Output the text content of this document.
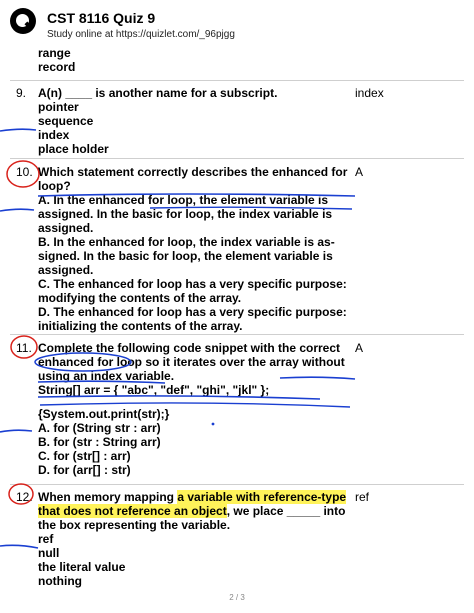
CST 8116 Quiz 9
Study online at https://quizlet.com/_96pjgg
range
record
9. A(n) ____ is another name for a subscript.	index
pointer
sequence
index
place holder
10. Which statement correctly describes the enhanced for
loop?
A
A. In the enhanced for loop, the element variable is
assigned. In the basic for loop, the index variable is
assigned.
B. In the enhanced for loop, the index variable is as-
signed. In the basic for loop, the element variable is
assigned.
C. The enhanced for loop has a very specific purpose:
modifying the contents of the array.
D. The enhanced for loop has a very specific purpose:
initializing the contents of the array.
11. Complete the following code snippet with the correct
enhanced for loop so it iterates over the array without
using an index variable.
String[] arr = { "abc", "def", "ghi", "jkl" };
A
{System.out.print(str);}
A. for (String str : arr)
B. for (str : String arr)
C. for (str[] : arr)
D. for (arr[] : str)
12. When memory mapping a variable with reference-type
that does not reference an object, we place _____ into
the box representing the variable.
ref
ref
null
the literal value
nothing
2 / 3
